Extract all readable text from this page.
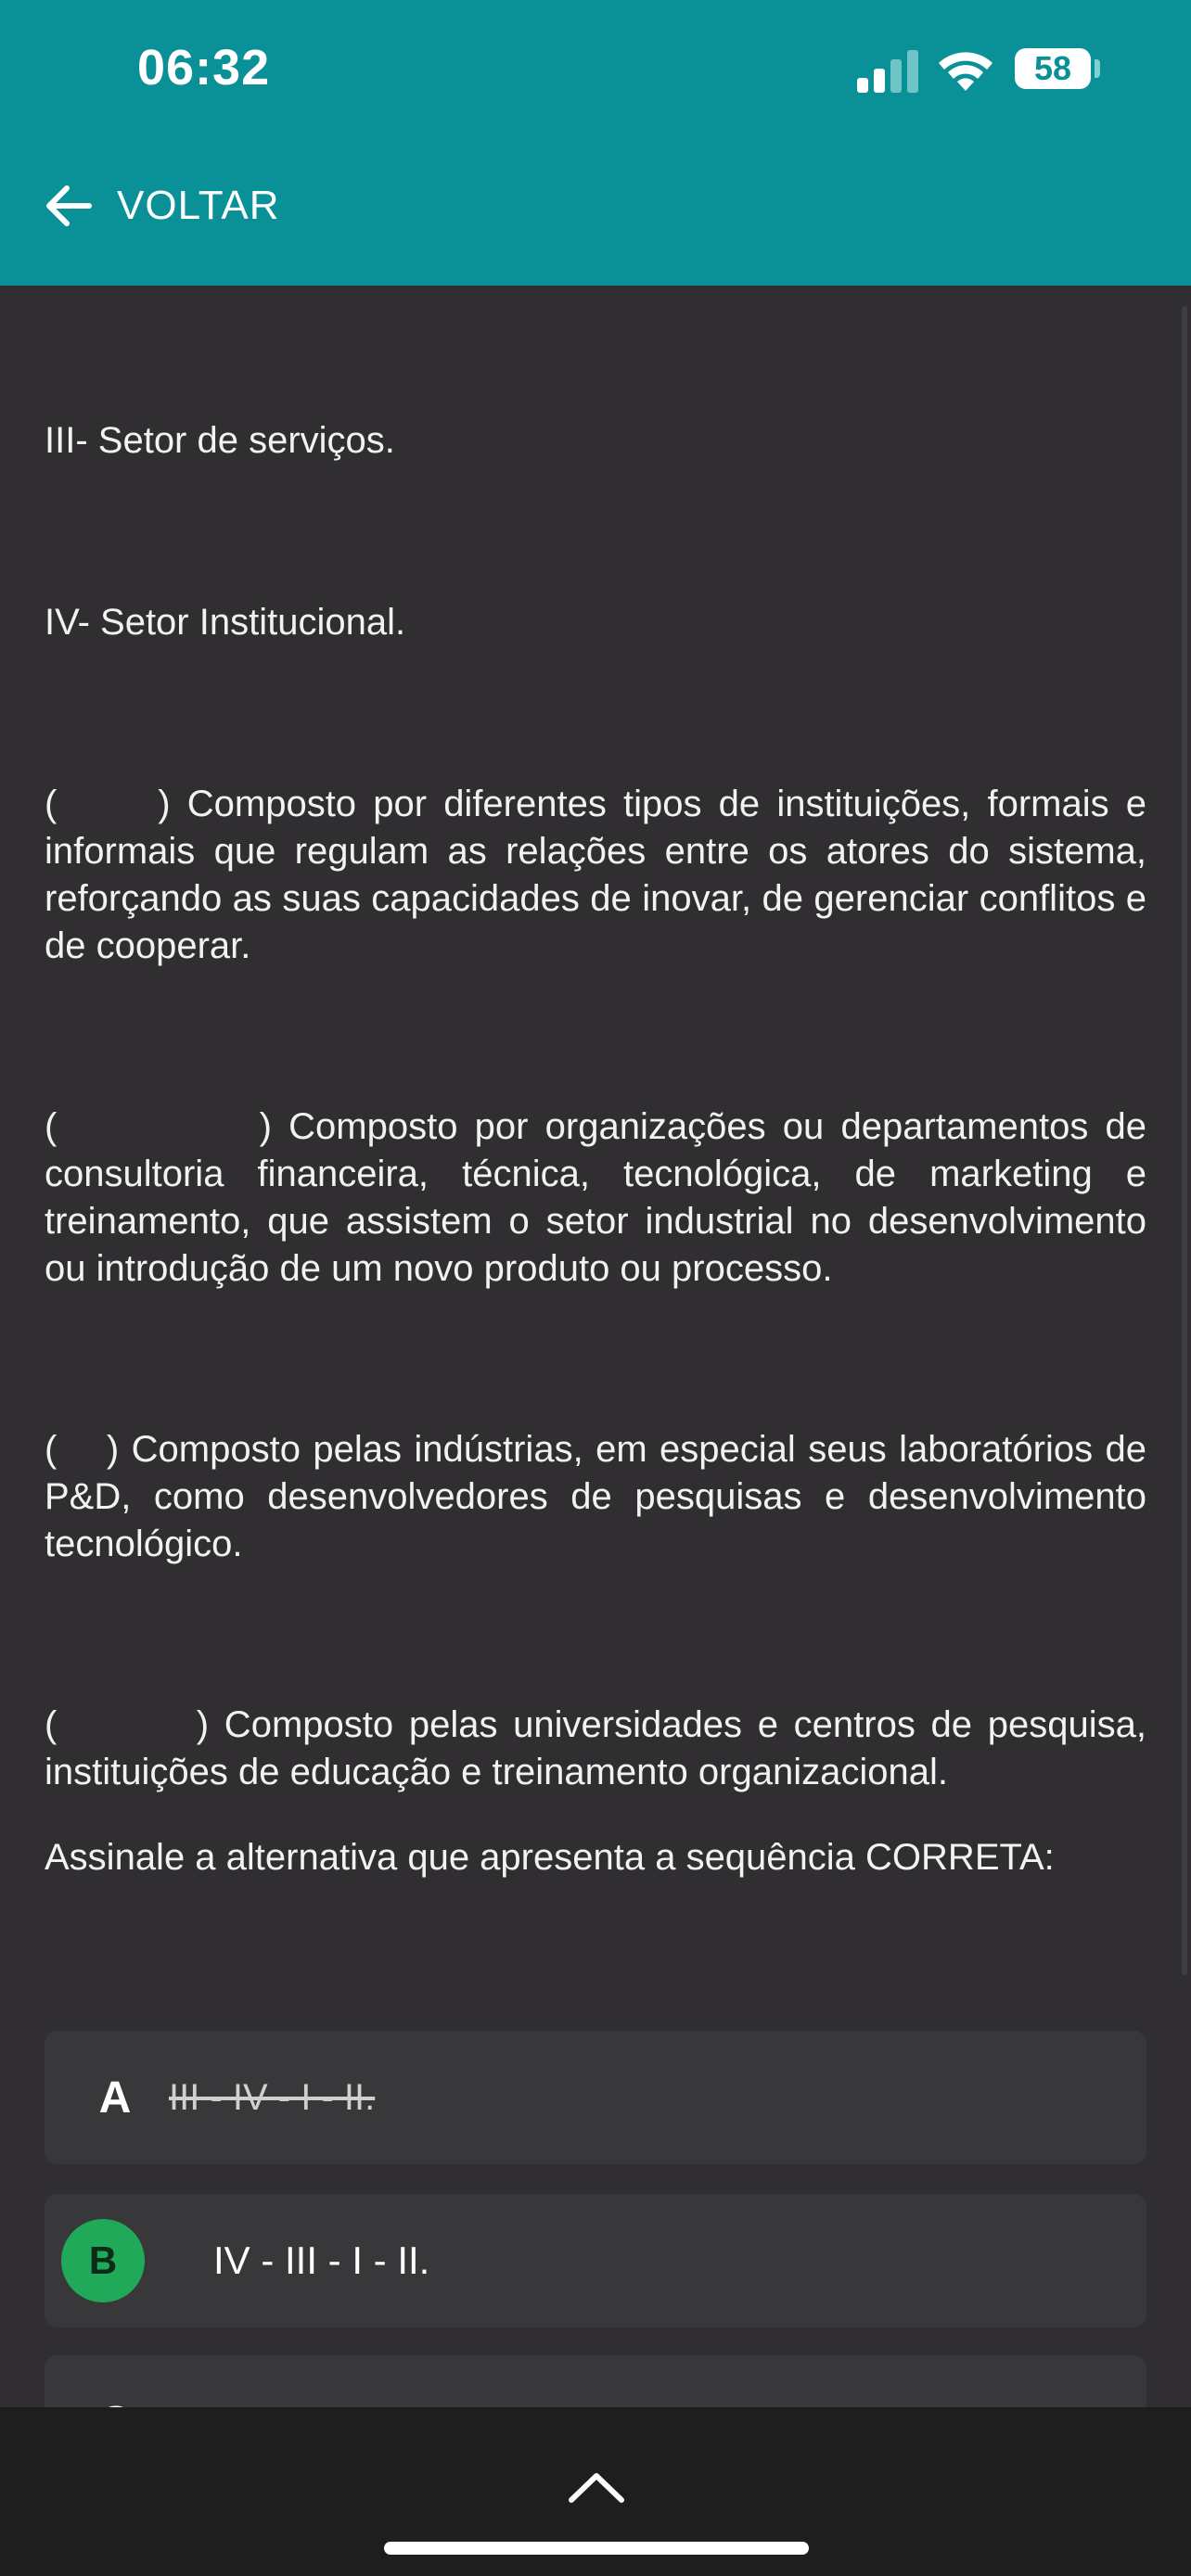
06:32	58
VOLTAR

III- Setor de serviços.

IV- Setor Institucional.

(      ) Composto por diferentes tipos de instituições, formais e informais que regulam as relações entre os atores do sistema, reforçando as suas capacidades de inovar, de gerenciar conflitos e de cooperar.

(            ) Composto por organizações ou departamentos de consultoria financeira, técnica, tecnológica, de marketing e treinamento, que assistem o setor industrial no desenvolvimento ou introdução de um novo produto ou processo.

(    ) Composto pelas indústrias, em especial seus laboratórios de P&D, como desenvolvedores de pesquisas e desenvolvimento tecnológico.

(         ) Composto pelas universidades e centros de pesquisa, instituições de educação e treinamento organizacional.

Assinale a alternativa que apresenta a sequência CORRETA:

A	III - IV - I - II.
B IV - III - I - II.
